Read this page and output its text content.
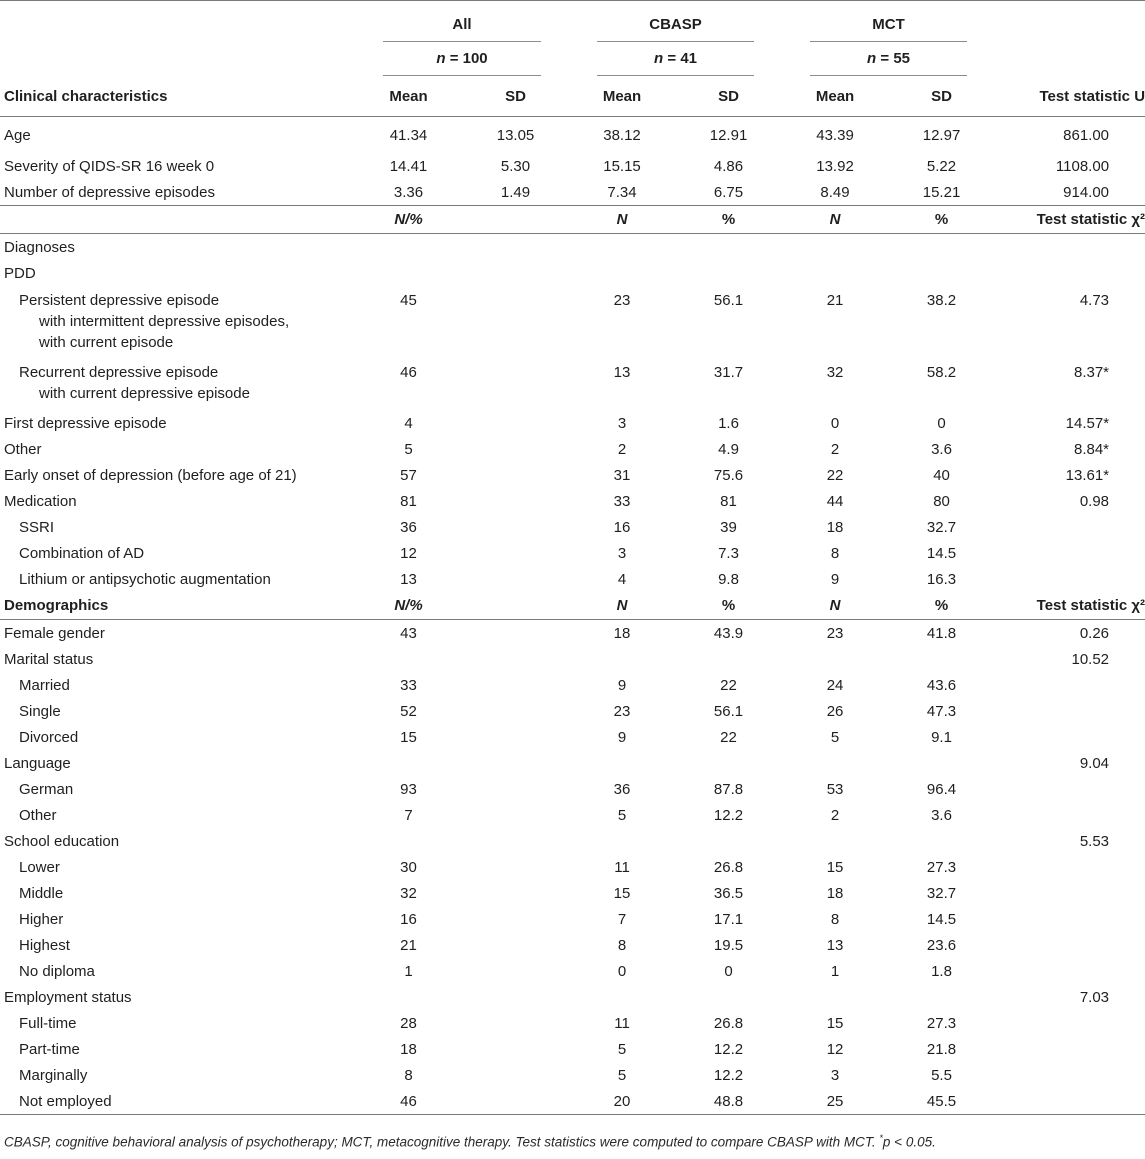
	All		CBASP		MCT		

	n = 100		n = 41		n = 55		

Clinical characteristics	Mean	SD	Mean	SD	Mean	SD	Test statistic U
Age	41.34	13.05	38.12	12.91	43.39	12.97	861.00
Severity of QIDS-SR 16 week 0	14.41	5.30	15.15	4.86	13.92	5.22	1108.00
Number of depressive episodes	3.36	1.49	7.34	6.75	8.49	15.21	914.00
	N/%		N	%	N	%	Test statistic χ²
Diagnoses							
PDD							
Persistent depressive episode
with intermittent depressive episodes,
with current episode	45		23	56.1	21	38.2	4.73
Recurrent depressive episode
with current depressive episode	46		13	31.7	32	58.2	8.37*
First depressive episode	4		3	1.6	0	0	14.57*
Other	5		2	4.9	2	3.6	8.84*
Early onset of depression (before age of 21)	57		31	75.6	22	40	13.61*
Medication	81		33	81	44	80	0.98
SSRI	36		16	39	18	32.7	
Combination of AD	12		3	7.3	8	14.5	
Lithium or antipsychotic augmentation	13		4	9.8	9	16.3	
Demographics	N/%		N	%	N	%	Test statistic χ²
Female gender	43		18	43.9	23	41.8	0.26
Marital status							10.52
Married	33		9	22	24	43.6	
Single	52		23	56.1	26	47.3	
Divorced	15		9	22	5	9.1	
Language							9.04
German	93		36	87.8	53	96.4	
Other	7		5	12.2	2	3.6	
School education							5.53
Lower	30		11	26.8	15	27.3	
Middle	32		15	36.5	18	32.7	
Higher	16		7	17.1	8	14.5	
Highest	21		8	19.5	13	23.6	
No diploma	1		0	0	1	1.8	
Employment status							7.03
Full-time	28		11	26.8	15	27.3	
Part-time	18		5	12.2	12	21.8	
Marginally	8		5	12.2	3	5.5	
Not employed	46		20	48.8	25	45.5	
CBASP, cognitive behavioral analysis of psychotherapy; MCT, metacognitive therapy. Test statistics were computed to compare CBASP with MCT. *p < 0.05.
